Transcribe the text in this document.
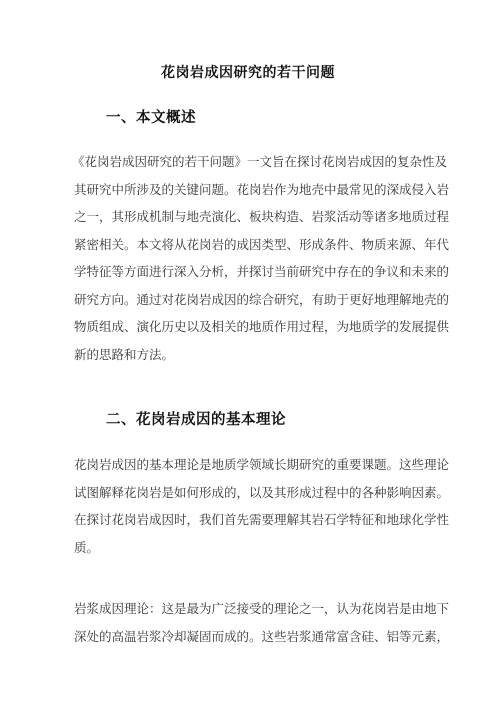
花岗岩成因研究的若干问题
一、本文概述
《花岗岩成因研究的若干问题》一文旨在探讨花岗岩成因的复杂性及
其研究中所涉及的关键问题。花岗岩作为地壳中最常见的深成侵入岩
之一，其形成机制与地壳演化、板块构造、岩浆活动等诸多地质过程
紧密相关。本文将从花岗岩的成因类型、形成条件、物质来源、年代
学特征等方面进行深入分析，并探讨当前研究中存在的争议和未来的
研究方向。通过对花岗岩成因的综合研究，有助于更好地理解地壳的
物质组成、演化历史以及相关的地质作用过程，为地质学的发展提供
新的思路和方法。
二、花岗岩成因的基本理论
花岗岩成因的基本理论是地质学领域长期研究的重要课题。这些理论
试图解释花岗岩是如何形成的，以及其形成过程中的各种影响因素。
在探讨花岗岩成因时，我们首先需要理解其岩石学特征和地球化学性
质。
岩浆成因理论：这是最为广泛接受的理论之一，认为花岗岩是由地下
深处的高温岩浆冷却凝固而成的。这些岩浆通常富含硅、铝等元素，
